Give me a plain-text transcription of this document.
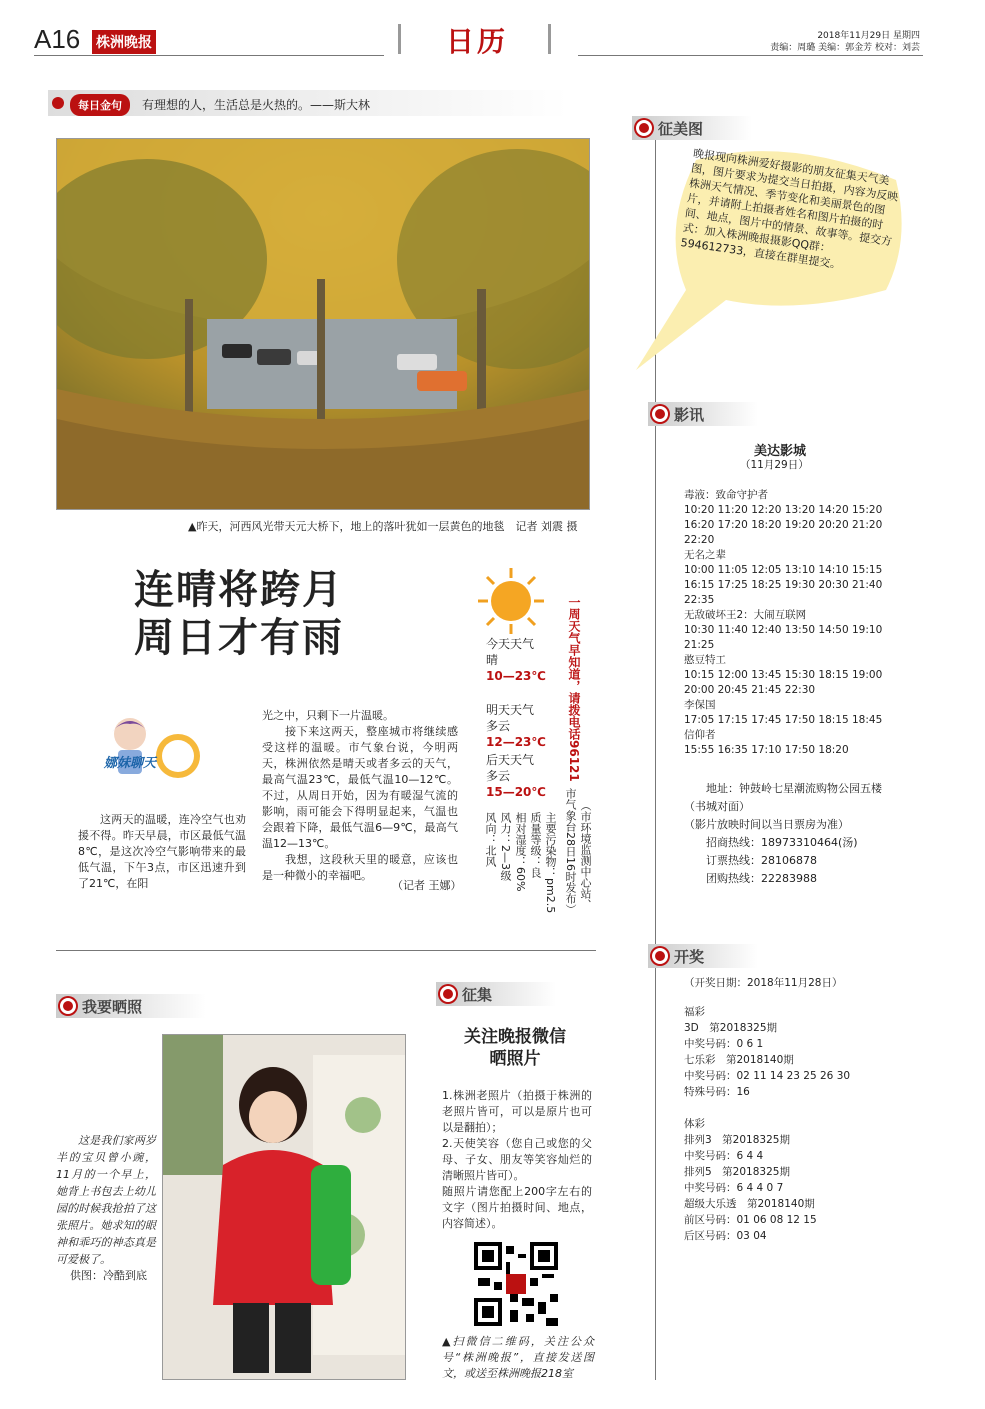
A16 株洲晚报	日历	2018年11月29日 星期四
责编：周璐 美编：郭金芳 校对：刘芸
每日金句	有理想的人，生活总是火热的。——斯大林
▲昨天，河西风光带天元大桥下，地上的落叶犹如一层黄色的地毯　记者 刘震 摄
连晴将跨月
周日才有雨
娜妹聊天
这两天的温暖，连冷空气也劝援不得。昨天早晨，市区最低气温8℃，是这次冷空气影响带来的最低气温，下午3点，市区迅速升到了21℃，在阳
光之中，只剩下一片温暖。
　　接下来这两天，整座城市将继续感受这样的温暖。市气象台说，今明两天，株洲依然是晴天或者多云的天气，最高气温23℃，最低气温10—12℃。不过，从周日开始，因为有暖湿气流的影响，雨可能会下得明显起来，气温也会跟着下降，最低气温6—9℃，最高气温12—13℃。
　　我想，这段秋天里的暖意，应该也是一种微小的幸福吧。
（记者 王娜）
今天天气
晴
10—23℃
明天天气
多云
12—23℃
后天天气
多云
15—20℃
一周天气早知道，请拨电话96121
（市环境监测中心站、
市气象台28日16时发布）
主要污染物：pm2.5
质量等级：良
相对湿度：60%
风力：2—3级
风向：北风
征美图
晚报现向株洲爱好摄影的朋友征集天气美图，图片要求为提交当日拍摄，内容为反映株洲天气情况、季节变化和美丽景色的图片，并请附上拍摄者姓名和图片拍摄的时间、地点，图片中的情景、故事等。提交方式：加入株洲晚报摄影QQ群：594612733，直接在群里提交。
影讯
美达影城
（11月29日）
毒液：致命守护者
10:20 11:20 12:20 13:20 14:20 15:20 16:20 17:20 18:20 19:20 20:20 21:20 22:20
无名之辈
10:00 11:05 12:05 13:10 14:10 15:15 16:15 17:25 18:25 19:30 20:30 21:40 22:35
无敌破坏王2：大闹互联网
10:30 11:40 12:40 13:50 14:50 19:10 21:25
憨豆特工
10:15 12:00 13:45 15:30 18:15 19:00 20:00 20:45 21:45 22:30
李保国
17:05 17:15 17:45 17:50 18:15 18:45
信仰者
15:55 16:35 17:10 17:50 18:20
地址：钟鼓岭七星潮流购物公园五楼（书城对面）
（影片放映时间以当日票房为准）
招商热线：18973310464(汤)
订票热线：28106878
团购热线：22283988
开奖
（开奖日期：2018年11月28日）
福彩
3D　第2018325期
中奖号码：0 6 1
七乐彩　第2018140期
中奖号码：02 11 14 23 25 26 30
特殊号码：16
体彩
排列3　第2018325期
中奖号码：6 4 4
排列5　第2018325期
中奖号码：6 4 4 0 7
超级大乐透　第2018140期
前区号码：01 06 08 12 15
后区号码：03 04
我要晒照
这是我们家两岁半的宝贝曾小豌，11月的一个早上，她背上书包去上幼儿园的时候我抢拍了这张照片。她求知的眼神和乖巧的神态真是可爱极了。
供图：冷酷到底
征集
关注晚报微信
晒照片
1.株洲老照片（拍摄于株洲的老照片皆可，可以是原片也可以是翻拍）；
2.天使笑容（您自己或您的父母、子女、朋友等笑容灿烂的清晰照片皆可）。
随照片请您配上200字左右的文字（图片拍摄时间、地点，内容简述）。
▲扫微信二维码，关注公众号“株洲晚报”，直接发送图文，或送至株洲晚报218室
